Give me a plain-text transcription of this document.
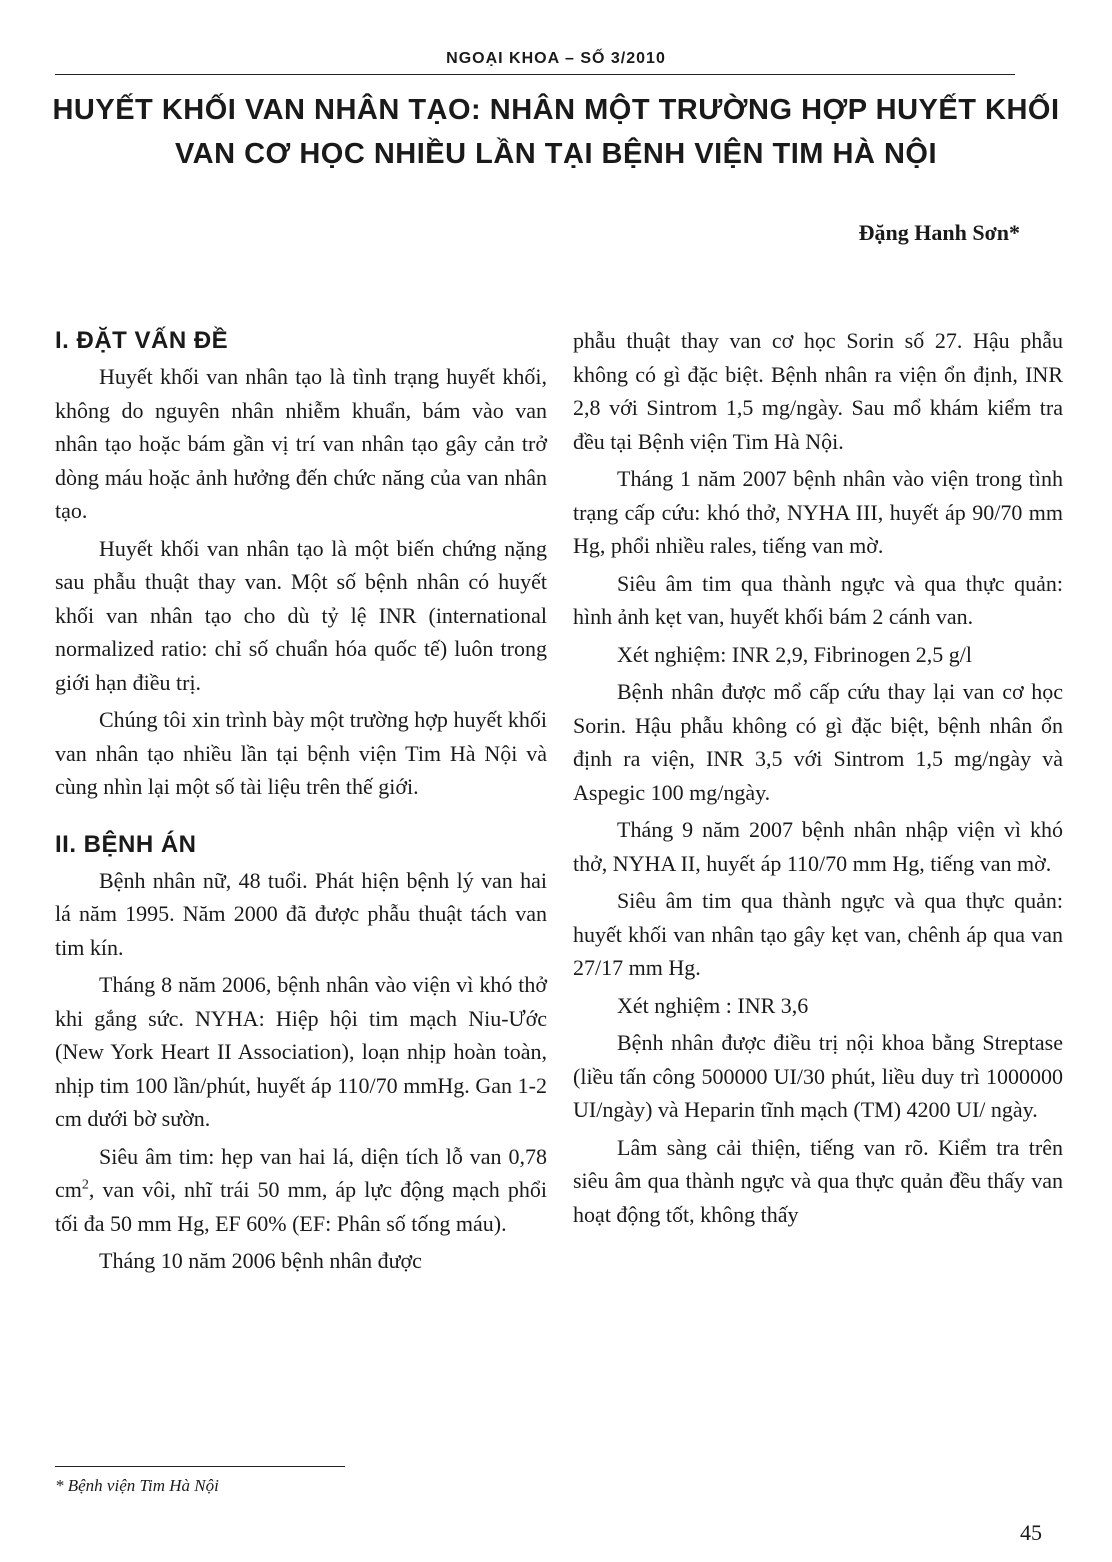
NGOẠI KHOA – SỐ 3/2010
HUYẾT KHỐI VAN NHÂN TẠO: NHÂN MỘT TRƯỜNG HỢP HUYẾT KHỐI
VAN CƠ HỌC NHIỀU LẦN TẠI BỆNH VIỆN TIM HÀ NỘI
Đặng Hanh Sơn*
I. ĐẶT VẤN ĐỀ

Huyết khối van nhân tạo là tình trạng huyết khối, không do nguyên nhân nhiễm khuẩn, bám vào van nhân tạo hoặc bám gần vị trí van nhân tạo gây cản trở dòng máu hoặc ảnh hưởng đến chức năng của van nhân tạo.

Huyết khối van nhân tạo là một biến chứng nặng sau phẫu thuật thay van. Một số bệnh nhân có huyết khối van nhân tạo cho dù tỷ lệ INR (international normalized ratio: chỉ số chuẩn hóa quốc tế) luôn trong giới hạn điều trị.

Chúng tôi xin trình bày một trường hợp huyết khối van nhân tạo nhiều lần tại bệnh viện Tim Hà Nội và cùng nhìn lại một số tài liệu trên thế giới.

II. BỆNH ÁN

Bệnh nhân nữ, 48 tuổi. Phát hiện bệnh lý van hai lá năm 1995. Năm 2000 đã được phẫu thuật tách van tim kín.

Tháng 8 năm 2006, bệnh nhân vào viện vì khó thở khi gắng sức. NYHA: Hiệp hội tim mạch Niu-Ước (New York Heart II Association), loạn nhịp hoàn toàn, nhịp tim 100 lần/phút, huyết áp 110/70 mmHg. Gan 1-2 cm dưới bờ sườn.

Siêu âm tim: hẹp van hai lá, diện tích lỗ van 0,78 $cm^2$, van vôi, nhĩ trái 50 mm, áp lực động mạch phổi tối đa 50 mm Hg, EF 60% (EF: Phân số tống máu).

Tháng 10 năm 2006 bệnh nhân được

phẫu thuật thay van cơ học Sorin số 27. Hậu phẫu không có gì đặc biệt. Bệnh nhân ra viện ổn định, INR 2,8 với Sintrom 1,5 mg/ngày. Sau mổ khám kiểm tra đều tại Bệnh viện Tim Hà Nội.

Tháng 1 năm 2007 bệnh nhân vào viện trong tình trạng cấp cứu: khó thở, NYHA III, huyết áp 90/70 mm Hg, phổi nhiều rales, tiếng van mờ.

Siêu âm tim qua thành ngực và qua thực quản: hình ảnh kẹt van, huyết khối bám 2 cánh van.

Xét nghiệm: INR 2,9, Fibrinogen 2,5 g/l

Bệnh nhân được mổ cấp cứu thay lại van cơ học Sorin. Hậu phẫu không có gì đặc biệt, bệnh nhân ổn định ra viện, INR 3,5 với Sintrom 1,5 mg/ngày và Aspegic 100 mg/ngày.

Tháng 9 năm 2007 bệnh nhân nhập viện vì khó thở, NYHA II, huyết áp 110/70 mm Hg, tiếng van mờ.

Siêu âm tim qua thành ngực và qua thực quản: huyết khối van nhân tạo gây kẹt van, chênh áp qua van 27/17 mm Hg.

Xét nghiệm : INR 3,6

Bệnh nhân được điều trị nội khoa bằng Streptase (liều tấn công 500000 UI/30 phút, liều duy trì 1000000 UI/ngày) và Heparin tĩnh mạch (TM) 4200 UI/ ngày.

Lâm sàng cải thiện, tiếng van rõ. Kiểm tra trên siêu âm qua thành ngực và qua thực quản đều thấy van hoạt động tốt, không thấy

* Bệnh viện Tim Hà Nội
45
